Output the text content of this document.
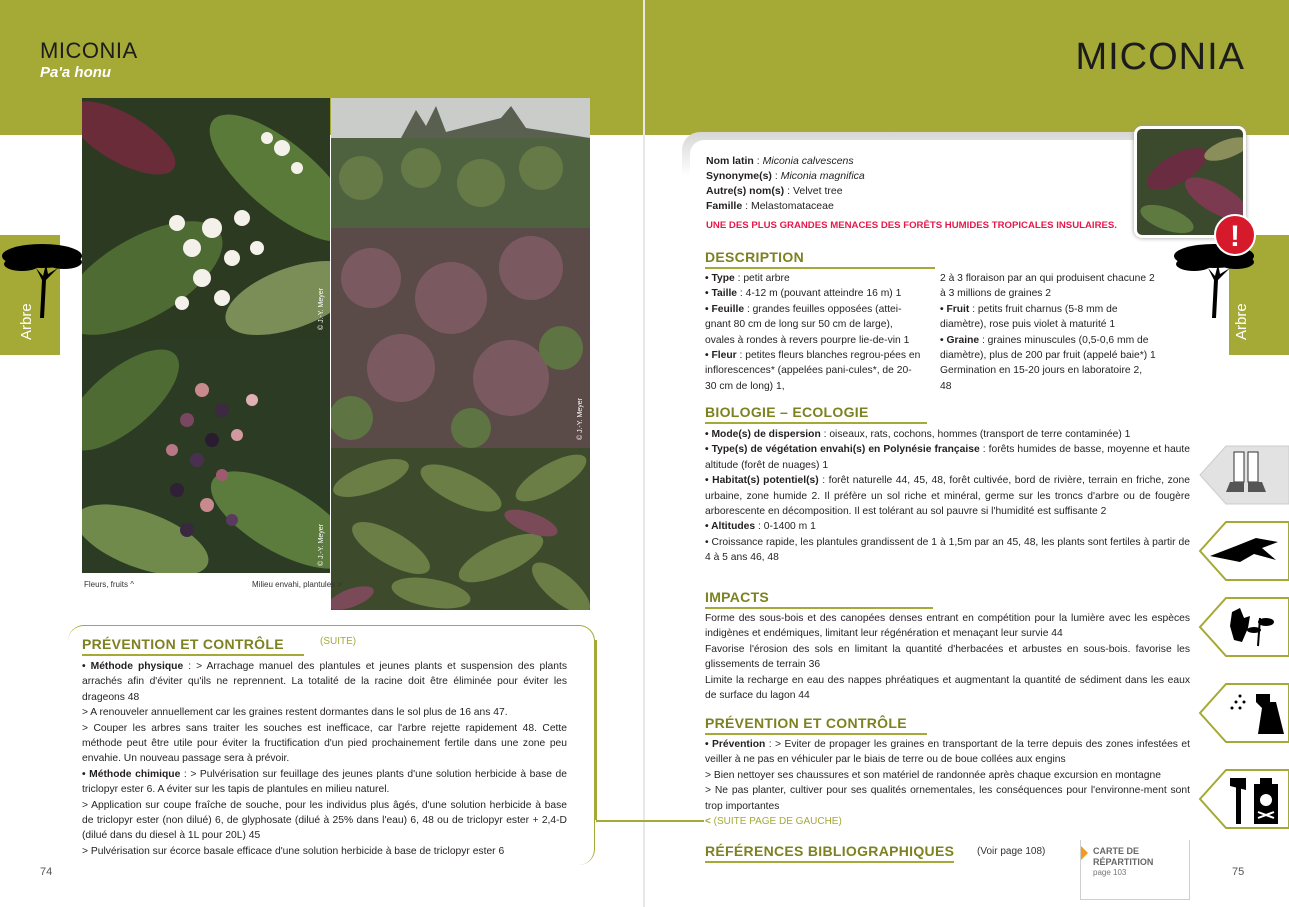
MICONIA
Pa'a honu	MICONIA
Arbre	Arbre
© J.-Y. Meyer
© J.-Y. Meyer
© J.-Y. Meyer
Fleurs, fruits ^	Milieu envahi, plantules >
PRÉVENTION ET CONTRÔLE	(SUITE)
• Méthode physique : > Arrachage manuel des plantules et jeunes plants et suspension des plants arrachés afin d'éviter qu'ils ne reprennent. La totalité de la racine doit être éliminée pour éviter les drageons 48
> A renouveler annuellement car les graines restent dormantes dans le sol plus de 16 ans 47.
> Couper les arbres sans traiter les souches est inefficace, car l'arbre rejette rapidement 48. Cette méthode peut être utile pour éviter la fructification d'un pied prochainement fertile dans une zone peu envahie. Un nouveau passage sera à prévoir.
• Méthode chimique : > Pulvérisation sur feuillage des jeunes plants d'une solution herbicide à base de triclopyr ester 6. A éviter sur les tapis de plantules en milieu naturel.
> Application sur coupe fraîche de souche, pour les individus plus âgés, d'une solution herbicide à base de triclopyr ester (non dilué) 6, de glyphosate (dilué à 25% dans l'eau) 6, 48 ou de triclopyr ester + 2,4-D (dilué dans du diesel à 1L pour 20L) 45
> Pulvérisation sur écorce basale efficace d'une solution herbicide à base de triclopyr ester 6
Nom latin : Miconia calvescens
Synonyme(s) : Miconia magnifica
Autre(s) nom(s) : Velvet tree
Famille : Melastomataceae
UNE DES PLUS GRANDES MENACES DES FORÊTS HUMIDES TROPICALES INSULAIRES.	!
DESCRIPTION
• Type : petit arbre
• Taille : 4-12 m (pouvant atteindre 16 m) 1
• Feuille : grandes feuilles opposées (attei-gnant 80 cm de long sur 50 cm de large), ovales à rondes à revers pourpre lie-de-vin 1
• Fleur : petites fleurs blanches regrou-pées en inflorescences* (appelées pani-cules*, de 20-30 cm de long) 1,
2 à 3 floraison par an qui produisent chacune 2 à 3 millions de graines 2
• Fruit : petits fruit charnus (5-8 mm de diamètre), rose puis violet à maturité 1
• Graine : graines minuscules (0,5-0,6 mm de diamètre), plus de 200 par fruit (appelé baie*) 1 Germination en 15-20 jours en laboratoire 2, 48
BIOLOGIE – ECOLOGIE
• Mode(s) de dispersion : oiseaux, rats, cochons, hommes (transport de terre contaminée) 1
• Type(s) de végétation envahi(s) en Polynésie française : forêts humides de basse, moyenne et haute altitude (forêt de nuages) 1
• Habitat(s) potentiel(s) : forêt naturelle 44, 45, 48, forêt cultivée, bord de rivière, terrain en friche, zone urbaine, zone humide 2. Il préfère un sol riche et minéral, germe sur les troncs d'arbre ou de fougère arborescente en décomposition. Il est tolérant au sol pauvre si l'humidité est suffisante 2
• Altitudes : 0-1400 m 1
• Croissance rapide, les plantules grandissent de 1 à 1,5m par an 45, 48, les plants sont fertiles à partir de 4 à 5 ans 46, 48
IMPACTS
Forme des sous-bois et des canopées denses entrant en compétition pour la lumière avec les espèces indigènes et endémiques, limitant leur régénération et menaçant leur survie 44
Favorise l'érosion des sols en limitant la quantité d'herbacées et arbustes en sous-bois. favorise les glissements de terrain 36
Limite la recharge en eau des nappes phréatiques et augmentant la quantité de sédiment dans les eaux de surface du lagon 44
PRÉVENTION ET CONTRÔLE
• Prévention : > Eviter de propager les graines en transportant de la terre depuis des zones infestées et veiller à ne pas en véhiculer par le biais de terre ou de boue collées aux engins
> Bien nettoyer ses chaussures et son matériel de randonnée après chaque excursion en montagne
> Ne pas planter, cultiver pour ses qualités ornementales, les conséquences pour l'environne-ment sont trop importantes
< (SUITE PAGE DE GAUCHE)
RÉFÉRENCES BIBLIOGRAPHIQUES (Voir page 108)	CARTE DE RÉPARTITION
page 103
74	75
